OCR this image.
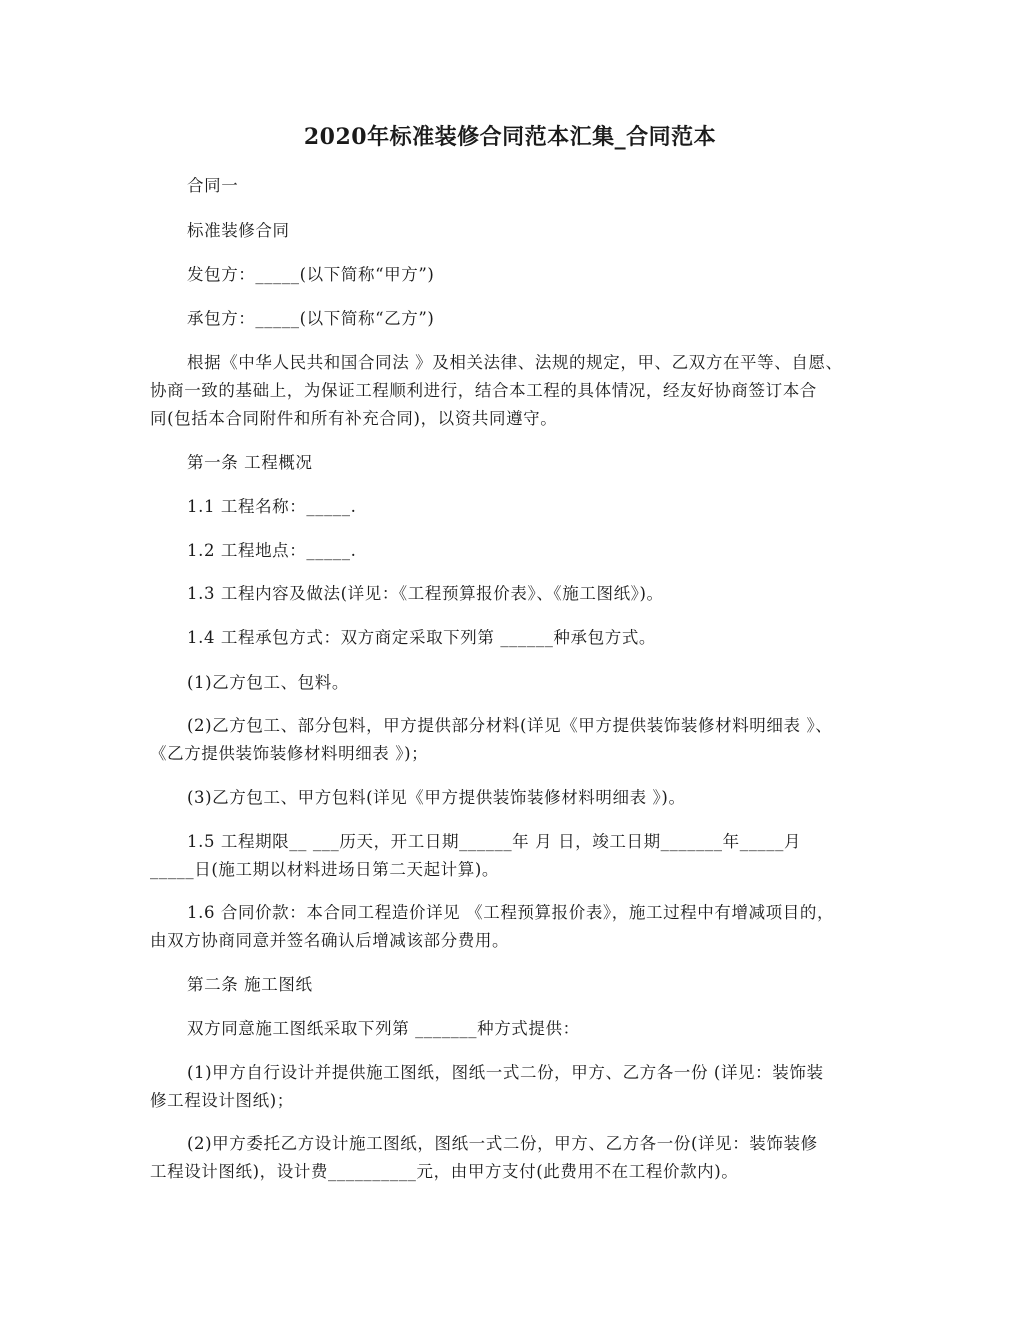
2020年标准装修合同范本汇集_合同范本
合同一
标准装修合同
发包方：_____(以下简称“甲方”)
承包方：_____(以下简称“乙方”)
根据《中华人民共和国合同法 》及相关法律、法规的规定，甲、乙双方在平等、自愿、
协商一致的基础上，为保证工程顺利进行，结合本工程的具体情况，经友好协商签订本合
同(包括本合同附件和所有补充合同)，以资共同遵守。
第一条 工程概况
1.1 工程名称：_____.
1.2 工程地点：_____.
1.3 工程内容及做法(详见：《工程预算报价表》、《施工图纸》)。
1.4 工程承包方式：双方商定采取下列第 ______种承包方式。
(1)乙方包工、包料。
(2)乙方包工、部分包料，甲方提供部分材料(详见《甲方提供装饰装修材料明细表 》、
《乙方提供装饰装修材料明细表 》)；
(3)乙方包工、甲方包料(详见《甲方提供装饰装修材料明细表 》)。
1.5 工程期限__ ___历天，开工日期______年 月 日，竣工日期_______年_____月
_____日(施工期以材料进场日第二天起计算)。
1.6 合同价款：本合同工程造价详见 《工程预算报价表》，施工过程中有增减项目的，
由双方协商同意并签名确认后增减该部分费用。
第二条 施工图纸
双方同意施工图纸采取下列第 _______种方式提供：
(1)甲方自行设计并提供施工图纸，图纸一式二份，甲方、乙方各一份 (详见：装饰装
修工程设计图纸)；
(2)甲方委托乙方设计施工图纸，图纸一式二份，甲方、乙方各一份(详见：装饰装修
工程设计图纸)，设计费__________元，由甲方支付(此费用不在工程价款内)。
